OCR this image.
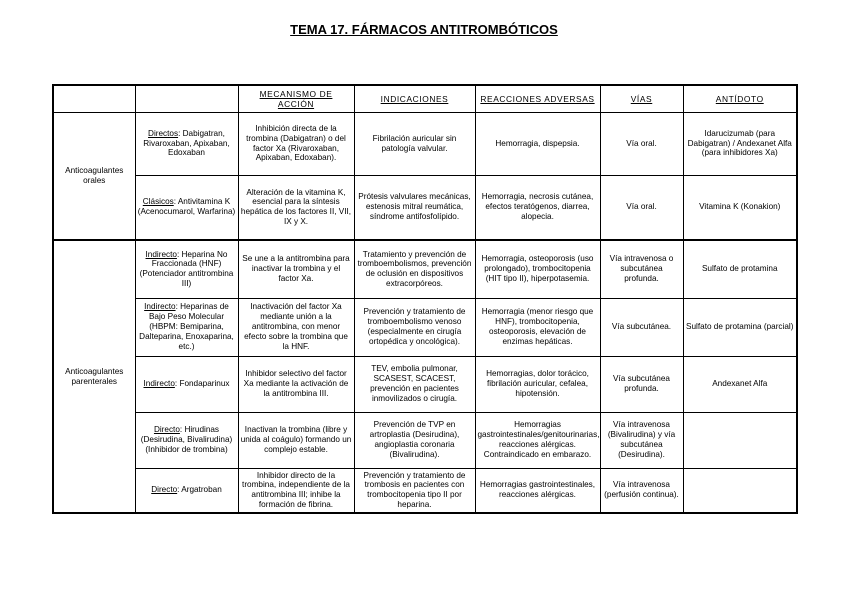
TEMA 17. FÁRMACOS ANTITROMBÓTICOS
		MECANISMO DE ACCIÓN	INDICACIONES	REACCIONES ADVERSAS	VÍAS	ANTÍDOTO
Anticoagulantes orales	Directos: Dabigatran, Rivaroxaban, Apixaban, Edoxaban	Inhibición directa de la trombina (Dabigatran) o del factor Xa (Rivaroxaban, Apixaban, Edoxaban).	Fibrilación auricular sin patología valvular.	Hemorragia, dispepsia.	Vía oral.	Idarucizumab (para Dabigatran) / Andexanet Alfa (para inhibidores Xa)
	Clásicos: Antivitamina K (Acenocumarol, Warfarina)	Alteración de la vitamina K, esencial para la síntesis hepática de los factores II, VII, IX y X.	Prótesis valvulares mecánicas, estenosis mitral reumática, síndrome antifosfolípido.	Hemorragia, necrosis cutánea, efectos teratógenos, diarrea, alopecia.	Vía oral.	Vitamina K (Konakion)
Anticoagulantes parenterales	Indirecto: Heparina No Fraccionada (HNF) (Potenciador antitrombina III)	Se une a la antitrombina para inactivar la trombina y el factor Xa.	Tratamiento y prevención de tromboembolismos, prevención de oclusión en dispositivos extracorpóreos.	Hemorragia, osteoporosis (uso prolongado), trombocitopenia (HIT tipo II), hiperpotasemia.	Vía intravenosa o subcutánea profunda.	Sulfato de protamina
	Indirecto: Heparinas de Bajo Peso Molecular (HBPM: Bemiparina, Dalteparina, Enoxaparina, etc.)	Inactivación del factor Xa mediante unión a la antitrombina, con menor efecto sobre la trombina que la HNF.	Prevención y tratamiento de tromboembolismo venoso (especialmente en cirugía ortopédica y oncológica).	Hemorragia (menor riesgo que HNF), trombocitopenia, osteoporosis, elevación de enzimas hepáticas.	Vía subcutánea.	Sulfato de protamina (parcial)
	Indirecto: Fondaparinux	Inhibidor selectivo del factor Xa mediante la activación de la antitrombina III.	TEV, embolia pulmonar, SCASEST, SCACEST, prevención en pacientes inmovilizados o cirugía.	Hemorragias, dolor torácico, fibrilación auricular, cefalea, hipotensión.	Vía subcutánea profunda.	Andexanet Alfa
	Directo: Hirudinas (Desirudina, Bivalirudina) (Inhibidor de trombina)	Inactivan la trombina (libre y unida al coágulo) formando un complejo estable.	Prevención de TVP en artroplastia (Desirudina), angioplastia coronaria (Bivalirudina).	Hemorragias gastrointestinales/genitourinarias, reacciones alérgicas. Contraindicado en embarazo.	Vía intravenosa (Bivalirudina) y vía subcutánea (Desirudina).	
	Directo: Argatroban	Inhibidor directo de la trombina, independiente de la antitrombina III; inhibe la formación de fibrina.	Prevención y tratamiento de trombosis en pacientes con trombocitopenia tipo II por heparina.	Hemorragias gastrointestinales, reacciones alérgicas.	Vía intravenosa (perfusión continua).	
